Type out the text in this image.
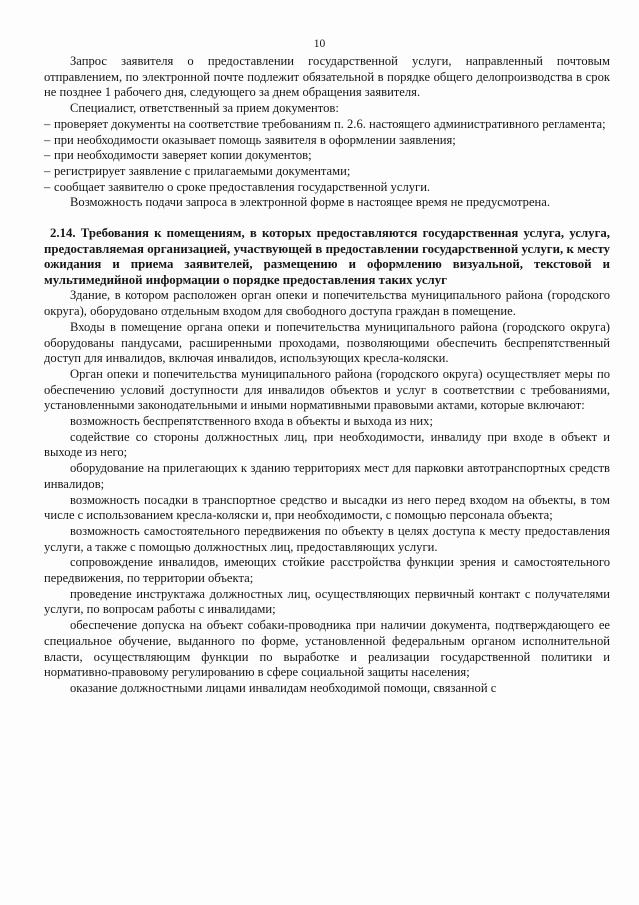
10

Запрос заявителя о предоставлении государственной услуги, направленный почтовым отправлением, по электронной почте подлежит обязательной в порядке общего делопроизводства в срок не позднее 1 рабочего дня, следующего за днем обращения заявителя.

Специалист, ответственный за прием документов:

– проверяет документы на соответствие требованиям п. 2.6. настоящего административного регламента;

– при необходимости оказывает помощь заявителя в оформлении заявления;

– при необходимости заверяет копии документов;

– регистрирует заявление с прилагаемыми документами;

– сообщает заявителю о сроке предоставления государственной услуги.

Возможность подачи запроса в электронной форме в настоящее время не предусмотрена.

2.14. Требования к помещениям, в которых предоставляются государственная услуга, услуга, предоставляемая организацией, участвующей в предоставлении государственной услуги, к месту ожидания и приема заявителей, размещению и оформлению визуальной, текстовой и мультимедийной информации о порядке предоставления таких услуг

Здание, в котором расположен орган опеки и попечительства муниципального района (городского округа), оборудовано отдельным входом для свободного доступа граждан в помещение.

Входы в помещение органа опеки и попечительства муниципального района (городского округа) оборудованы пандусами, расширенными проходами, позволяющими обеспечить беспрепятственный доступ для инвалидов, включая инвалидов, использующих кресла-коляски.

Орган опеки и попечительства муниципального района (городского округа) осуществляет меры по обеспечению условий доступности для инвалидов объектов и услуг в соответствии с требованиями, установленными законодательными и иными нормативными правовыми актами, которые включают:

возможность беспрепятственного входа в объекты и выхода из них;

содействие со стороны должностных лиц, при необходимости, инвалиду при входе в объект и выходе из него;

оборудование на прилегающих к зданию территориях мест для парковки автотранспортных средств инвалидов;

возможность посадки в транспортное средство и высадки из него перед входом на объекты, в том числе с использованием кресла-коляски и, при необходимости, с помощью персонала объекта;

возможность самостоятельного передвижения по объекту в целях доступа к месту предоставления услуги, а также с помощью должностных лиц, предоставляющих услуги.

сопровождение инвалидов, имеющих стойкие расстройства функции зрения и самостоятельного передвижения, по территории объекта;

проведение инструктажа должностных лиц, осуществляющих первичный контакт с получателями услуги, по вопросам работы с инвалидами;

обеспечение допуска на объект собаки-проводника при наличии документа, подтверждающего ее специальное обучение, выданного по форме, установленной федеральным органом исполнительной власти, осуществляющим функции по выработке и реализации государственной политики и нормативно-правовому регулированию в сфере социальной защиты населения;

оказание должностными лицами инвалидам необходимой помощи, связанной с
